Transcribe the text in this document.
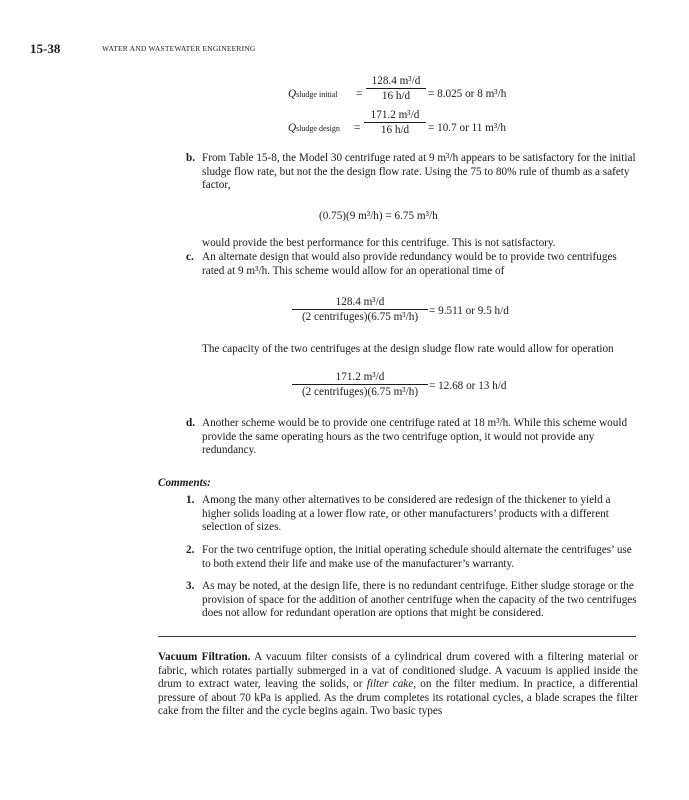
15-38	WATER AND WASTEWATER ENGINEERING
Qsludge initial =
128.4 m³/d
16 h/d	= 8.025 or 8 m³/h
Qsludge design =
171.2 m³/d
16 h/d	= 10.7 or 11 m³/h
b. From Table 15-8, the Model 30 centrifuge rated at 9 m³/h appears to be satisfactory for the initial sludge flow rate, but not the the design flow rate. Using the 75 to 80% rule of thumb as a safety factor,
(0.75)(9 m³/h) = 6.75 m³/h
would provide the best performance for this centrifuge. This is not satisfactory.
c. An alternate design that would also provide redundancy would be to provide two centrifuges rated at 9 m³/h. This scheme would allow for an operational time of
128.4 m³/d
(2 centrifuges)(6.75 m³/h) = 9.511 or 9.5 h/d
The capacity of the two centrifuges at the design sludge flow rate would allow for operation
171.2 m³/d
(2 centrifuges)(6.75 m³/h) = 12.68 or 13 h/d
d. Another scheme would be to provide one centrifuge rated at 18 m³/h. While this scheme would provide the same operating hours as the two centrifuge option, it would not provide any redundancy.
Comments:
1. Among the many other alternatives to be considered are redesign of the thickener to yield a higher solids loading at a lower flow rate, or other manufacturers’ products with a different selection of sizes.
2. For the two centrifuge option, the initial operating schedule should alternate the centrifuges’ use to both extend their life and make use of the manufacturer’s warranty.
3. As may be noted, at the design life, there is no redundant centrifuge. Either sludge storage or the provision of space for the addition of another centrifuge when the capacity of the two centrifuges does not allow for redundant operation are options that might be considered.
Vacuum Filtration. A vacuum filter consists of a cylindrical drum covered with a filtering material or fabric, which rotates partially submerged in a vat of conditioned sludge. A vacuum is applied inside the drum to extract water, leaving the solids, or filter cake, on the filter medium. In practice, a differential pressure of about 70 kPa is applied. As the drum completes its rotational cycles, a blade scrapes the filter cake from the filter and the cycle begins again. Two basic types
